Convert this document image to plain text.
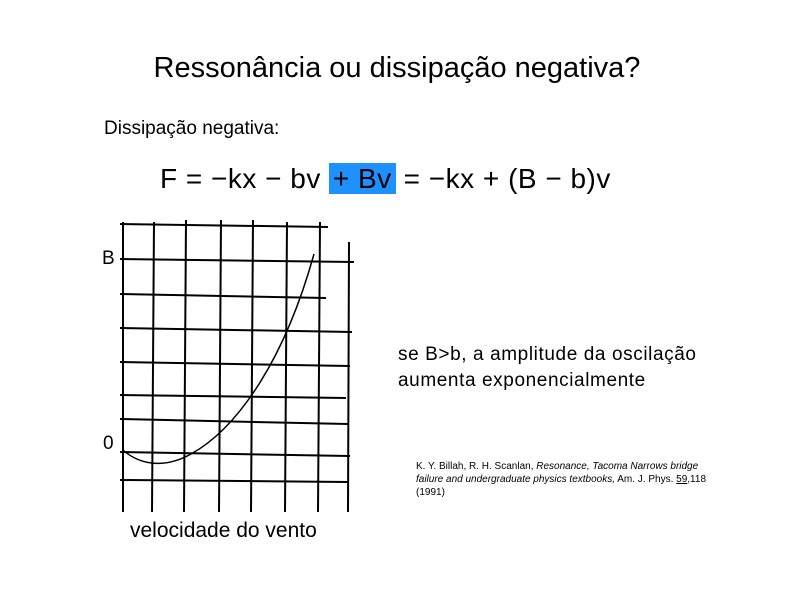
Ressonância ou dissipação negativa?
Dissipação negativa:
F = −kx − bv + Bv = −kx + (B − b)v
B
0
velocidade do vento
se B>b, a amplitude da oscilação aumenta exponencialmente
K. Y. Billah, R. H. Scanlan, Resonance, Tacoma Narrows bridge failure and undergraduate physics textbooks, Am. J. Phys. 59,118 (1991)
